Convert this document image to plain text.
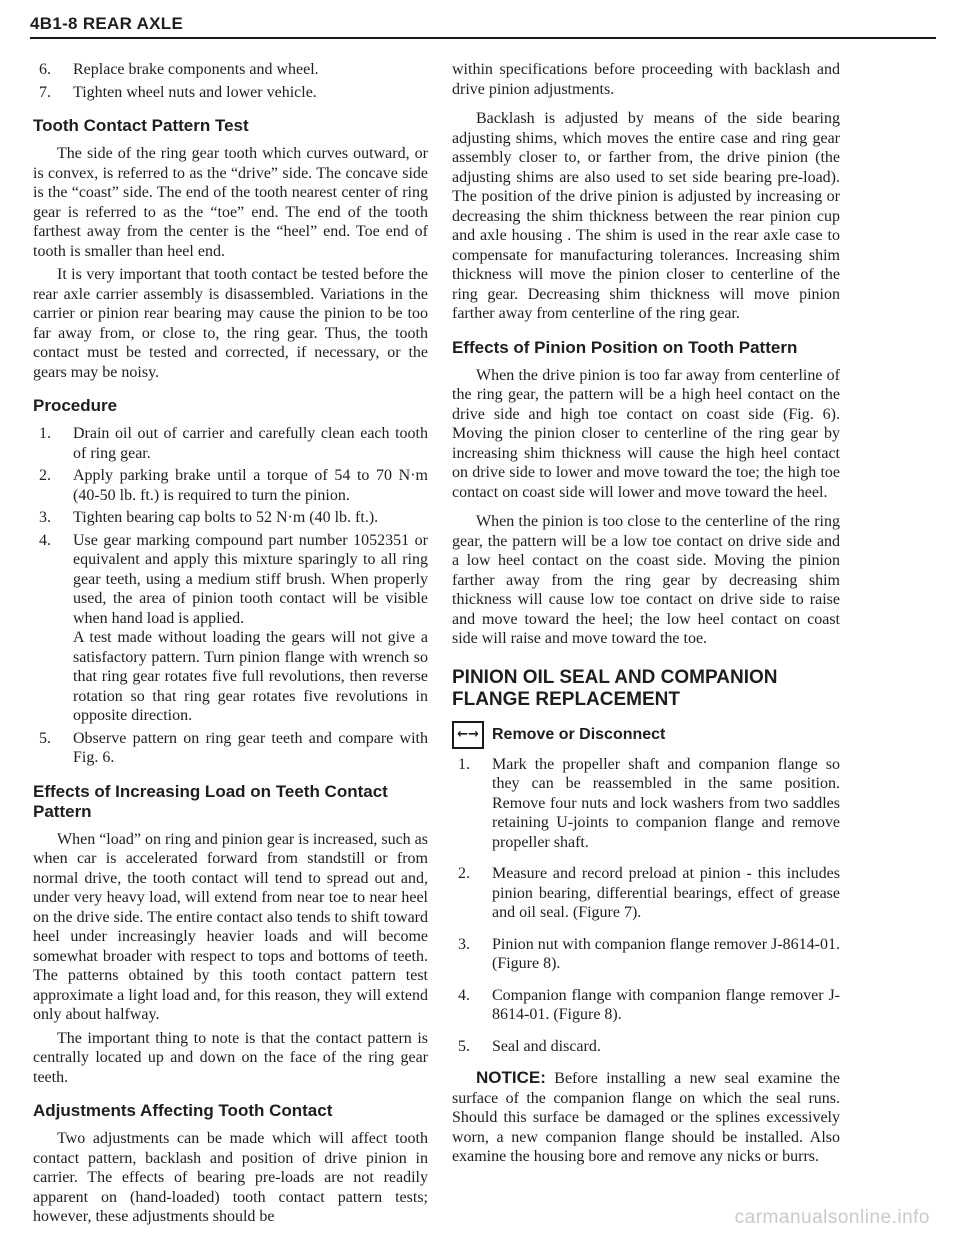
4B1-8 REAR AXLE
6.	Replace brake components and wheel.
7.	Tighten wheel nuts and lower vehicle.
Tooth Contact Pattern Test

The side of the ring gear tooth which curves outward, or is convex, is referred to as the “drive” side. The concave side is the “coast” side. The end of the tooth nearest center of ring gear is referred to as the “toe” end. The end of the tooth farthest away from the center is the “heel” end. Toe end of tooth is smaller than heel end.

It is very important that tooth contact be tested before the rear axle carrier assembly is disassembled. Variations in the carrier or pinion rear bearing may cause the pinion to be too far away from, or close to, the ring gear. Thus, the tooth contact must be tested and corrected, if necessary, or the gears may be noisy.

Procedure
1.	Drain oil out of carrier and carefully clean each tooth of ring gear.
2.	Apply parking brake until a torque of 54 to 70 N·m (40-50 lb. ft.) is required to turn the pinion.
3.	Tighten bearing cap bolts to 52 N·m (40 lb. ft.).
4.	Use gear marking compound part number 1052351 or equivalent and apply this mixture sparingly to all ring gear teeth, using a medium stiff brush. When properly used, the area of pinion tooth contact will be visible when hand load is applied.
A test made without loading the gears will not give a satisfactory pattern. Turn pinion flange with wrench so that ring gear rotates five full revolutions, then reverse rotation so that ring gear rotates five revolutions in opposite direction.
5.	Observe pattern on ring gear teeth and compare with Fig. 6.
Effects of Increasing Load on Teeth Contact Pattern

When “load” on ring and pinion gear is increased, such as when car is accelerated forward from standstill or from normal drive, the tooth contact will tend to spread out and, under very heavy load, will extend from near toe to near heel on the drive side. The entire contact also tends to shift toward heel under increasingly heavier loads and will become somewhat broader with respect to tops and bottoms of teeth. The patterns obtained by this tooth contact pattern test approximate a light load and, for this reason, they will extend only about halfway.

The important thing to note is that the contact pattern is centrally located up and down on the face of the ring gear teeth.

Adjustments Affecting Tooth Contact

Two adjustments can be made which will affect tooth contact pattern, backlash and position of drive pinion in carrier. The effects of bearing pre-loads are not readily apparent on (hand-loaded) tooth contact pattern tests; however, these adjustments should be

within specifications before proceeding with backlash and drive pinion adjustments.

Backlash is adjusted by means of the side bearing adjusting shims, which moves the entire case and ring gear assembly closer to, or farther from, the drive pinion (the adjusting shims are also used to set side bearing pre-load). The position of the drive pinion is adjusted by increasing or decreasing the shim thickness between the rear pinion cup and axle housing . The shim is used in the rear axle case to compensate for manufacturing tolerances. Increasing shim thickness will move the pinion closer to centerline of the ring gear. Decreasing shim thickness will move pinion farther away from centerline of the ring gear.

Effects of Pinion Position on Tooth Pattern

When the drive pinion is too far away from centerline of the ring gear, the pattern will be a high heel contact on the drive side and high toe contact on coast side (Fig. 6). Moving the pinion closer to centerline of the ring gear by increasing shim thickness will cause the high heel contact on drive side to lower and move toward the toe; the high toe contact on coast side will lower and move toward the heel.

When the pinion is too close to the centerline of the ring gear, the pattern will be a low toe contact on drive side and a low heel contact on the coast side. Moving the pinion farther away from the ring gear by decreasing shim thickness will cause low toe contact on drive side to raise and move toward the heel; the low heel contact on coast side will raise and move toward the toe.

PINION OIL SEAL AND COMPANION FLANGE REPLACEMENT
←→ Remove or Disconnect
1.	Mark the propeller shaft and companion flange so they can be reassembled in the same position. Remove four nuts and lock washers from two saddles retaining U-joints to companion flange and remove propeller shaft.
2.	Measure and record preload at pinion - this includes pinion bearing, differential bearings, effect of grease and oil seal. (Figure 7).
3.	Pinion nut with companion flange remover J-8614-01. (Figure 8).
4.	Companion flange with companion flange remover J-8614-01. (Figure 8).
5.	Seal and discard.

NOTICE: Before installing a new seal examine the surface of the companion flange on which the seal runs. Should this surface be damaged or the splines excessively worn, a new companion flange should be installed. Also examine the housing bore and remove any nicks or burrs.

carmanualsonline.info
